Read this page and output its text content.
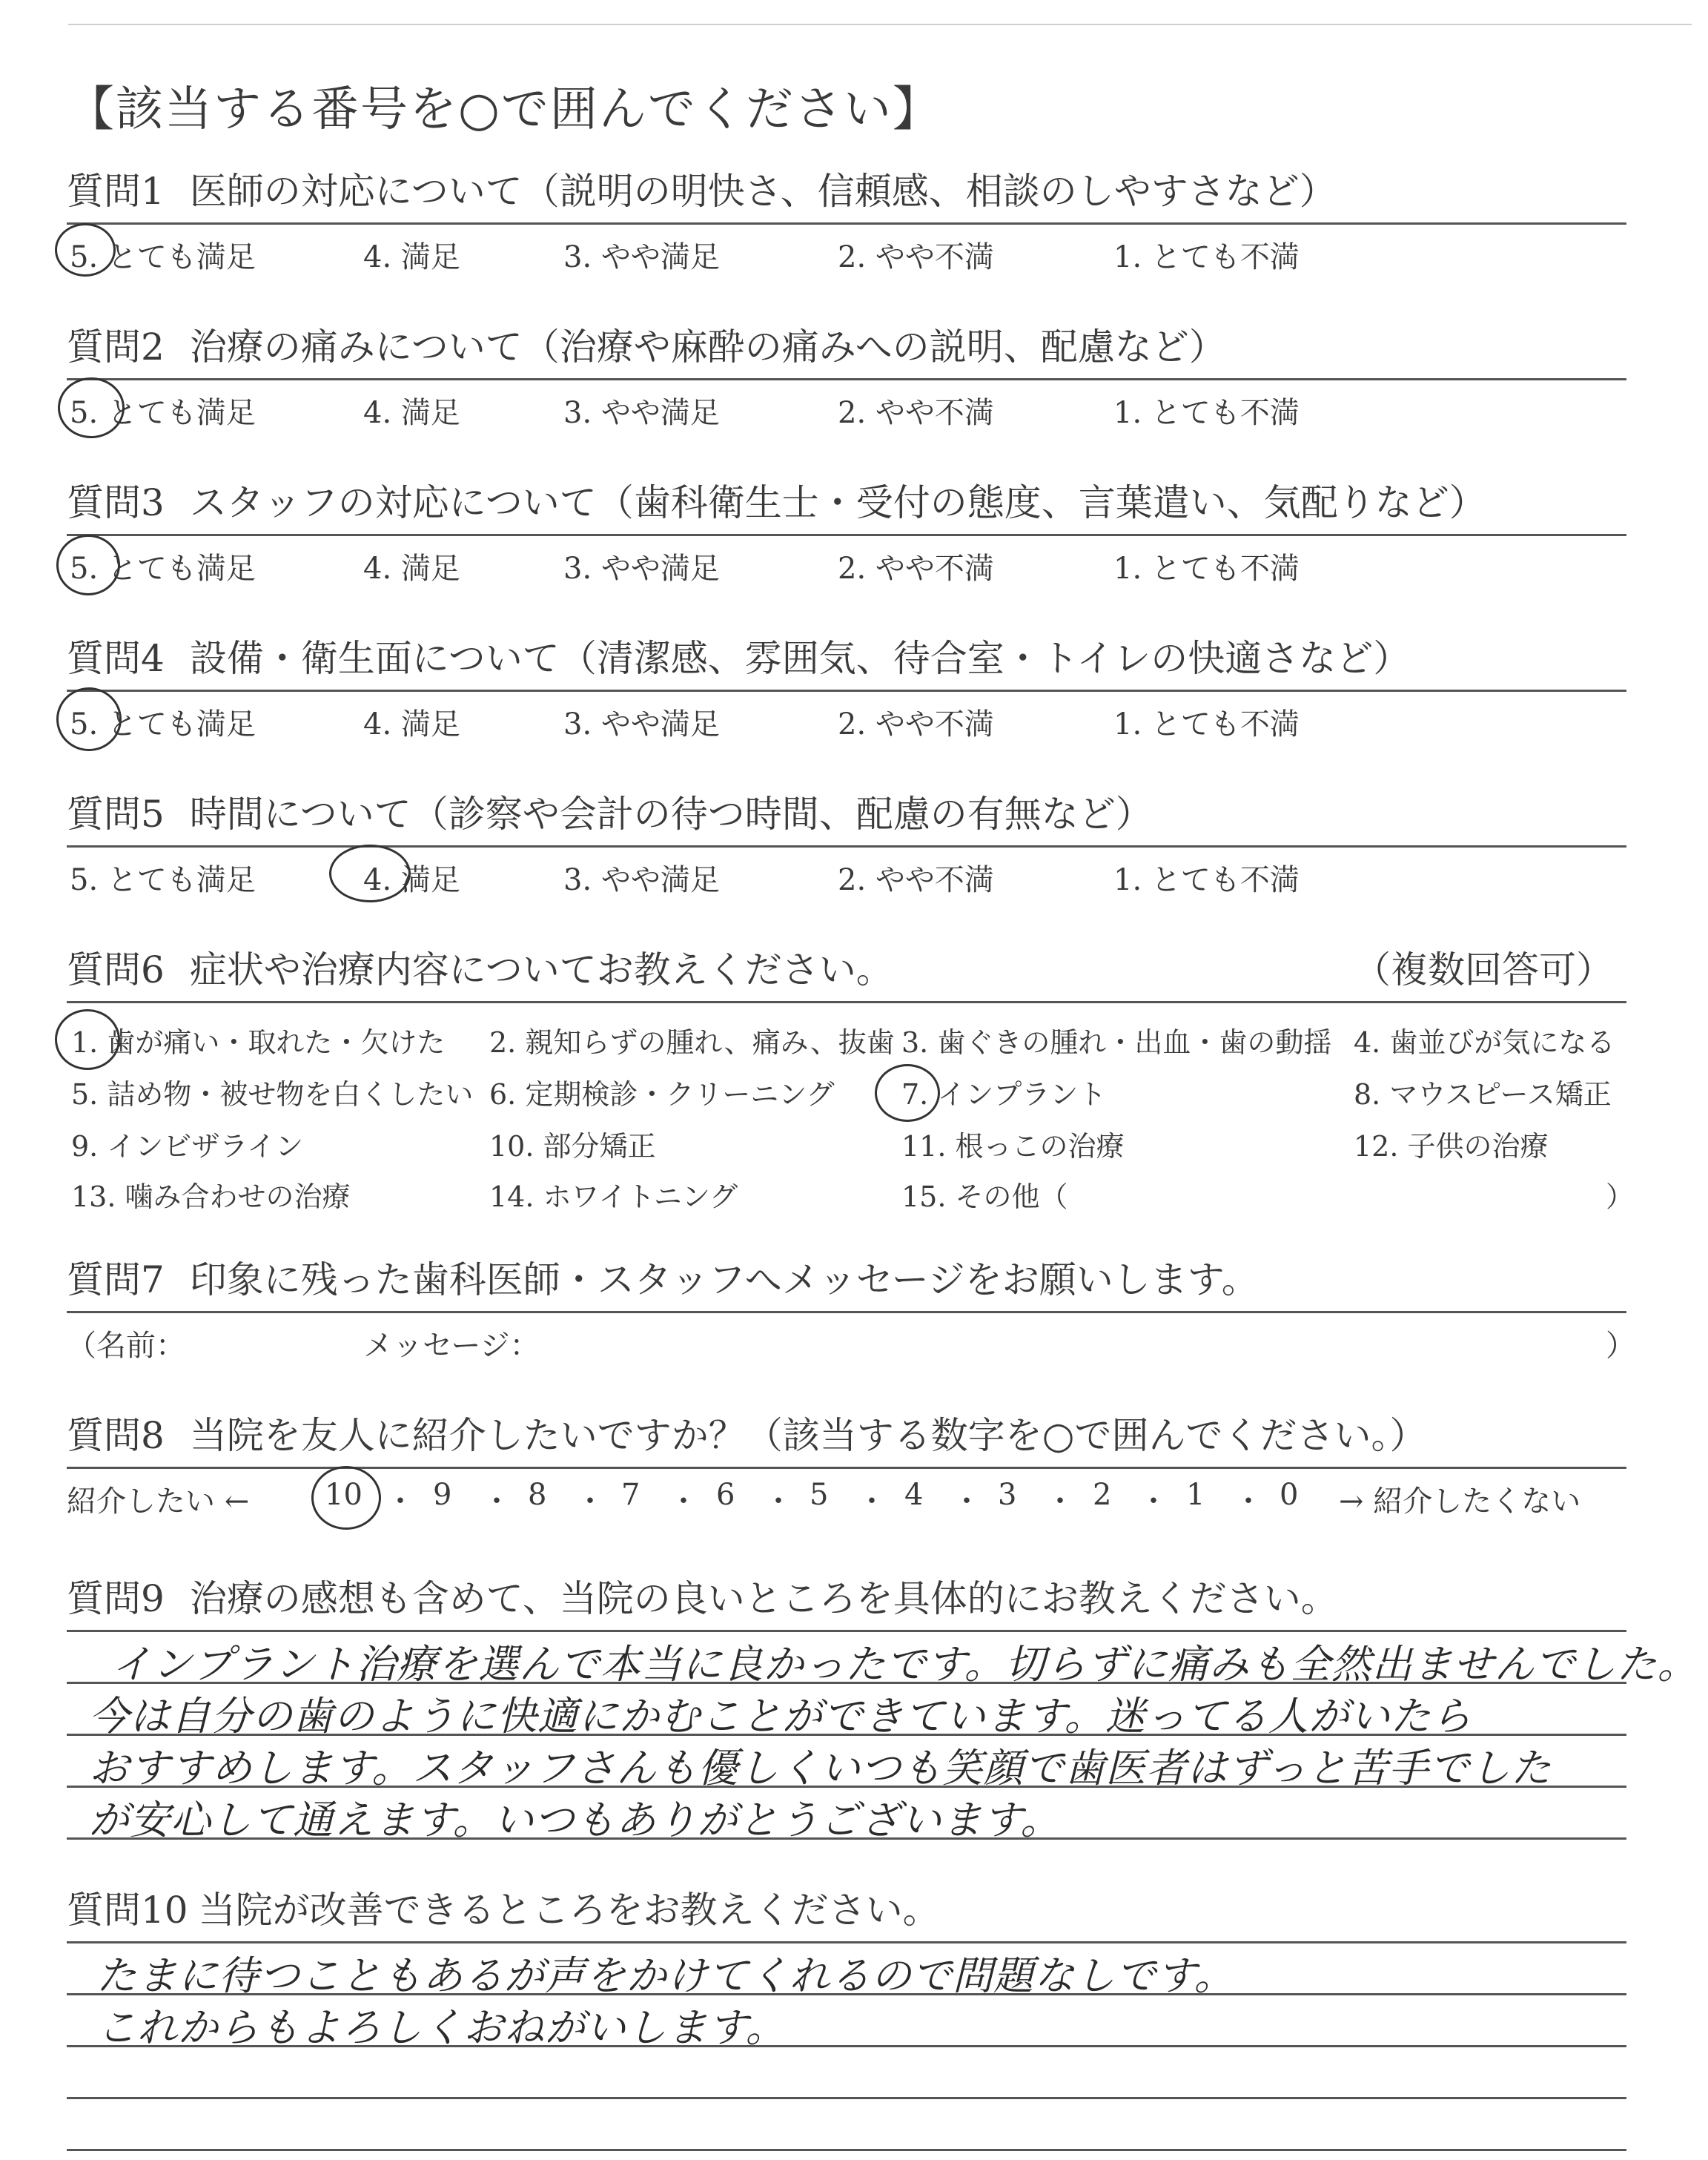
【該当する番号を○で囲んでください】
質問1 医師の対応について（説明の明快さ、信頼感、相談のしやすさなど）
5. とても満足	4. 満足	3. やや満足	2. やや不満	1. とても不満
質問2 治療の痛みについて（治療や麻酔の痛みへの説明、配慮など）
5. とても満足	4. 満足	3. やや満足	2. やや不満	1. とても不満
質問3 スタッフの対応について（歯科衛生士・受付の態度、言葉遣い、気配りなど）
5. とても満足	4. 満足	3. やや満足	2. やや不満	1. とても不満
質問4 設備・衛生面について（清潔感、雰囲気、待合室・トイレの快適さなど）
5. とても満足	4. 満足	3. やや満足	2. やや不満	1. とても不満
質問5 時間について（診察や会計の待つ時間、配慮の有無など）
5. とても満足	4. 満足	3. やや満足	2. やや不満	1. とても不満
質問6 症状や治療内容についてお教えください。	（複数回答可）
1. 歯が痛い・取れた・欠けた 2. 親知らずの腫れ、痛み、抜歯 3. 歯ぐきの腫れ・出血・歯の動揺 4. 歯並びが気になる
5. 詰め物・被せ物を白くしたい 6. 定期検診・クリーニング 7. インプラント	8. マウスピース矯正
9. インビザライン	10. 部分矯正	11. 根っこの治療	12. 子供の治療
13. 噛み合わせの治療	14. ホワイトニング	15. その他（	）
質問7 印象に残った歯科医師・スタッフへメッセージをお願いします。
（名前：	メッセージ：	）
質問8 当院を友人に紹介したいですか？（該当する数字を○で囲んでください。）
紹介したい ←	10 ・ 9 ・ 8 ・ 7 ・ 6 ・ 5 ・ 4 ・ 3 ・ 2 ・ 1 ・ 0 → 紹介したくない
質問9 治療の感想も含めて、当院の良いところを具体的にお教えください。
インプラント治療を選んで本当に良かったです。切らずに痛みも全然出ませんでした。
今は自分の歯のように快適にかむことができています。迷ってる人がいたら
おすすめします。スタッフさんも優しくいつも笑顔で歯医者はずっと苦手でした
が安心して通えます。いつもありがとうございます。
質問10 当院が改善できるところをお教えください。
たまに待つこともあるが声をかけてくれるので問題なしです。
これからもよろしくおねがいします。
